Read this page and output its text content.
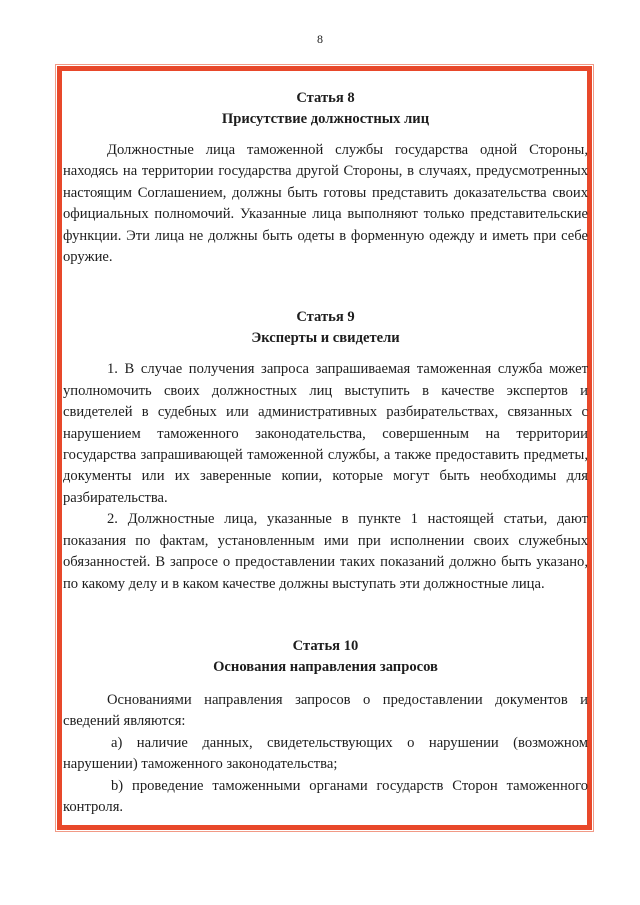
8
Статья 8
Присутствие должностных лиц

Должностные лица таможенной службы государства одной Стороны, находясь на территории государства другой Стороны, в случаях, предусмотренных настоящим Соглашением, должны быть готовы представить доказательства своих официальных полномочий. Указанные лица выполняют только представительские функции. Эти лица не должны быть одеты в форменную одежду и иметь при себе оружие.

Статья 9
Эксперты и свидетели

1. В случае получения запроса запрашиваемая таможенная служба может уполномочить своих должностных лиц выступить в качестве экспертов и свидетелей в судебных или административных разбирательствах, связанных с нарушением таможенного законодательства, совершенным на территории государства запрашивающей таможенной службы, а также предоставить предметы, документы или их заверенные копии, которые могут быть необходимы для разбирательства.

2. Должностные лица, указанные в пункте 1 настоящей статьи, дают показания по фактам, установленным ими при исполнении своих служебных обязанностей. В запросе о предоставлении таких показаний должно быть указано, по какому делу и в каком качестве должны выступать эти должностные лица.

Статья 10
Основания направления запросов

Основаниями направления запросов о предоставлении документов и сведений являются:

a) наличие данных, свидетельствующих о нарушении (возможном нарушении) таможенного законодательства;

b) проведение таможенными органами государств Сторон таможенного контроля.
